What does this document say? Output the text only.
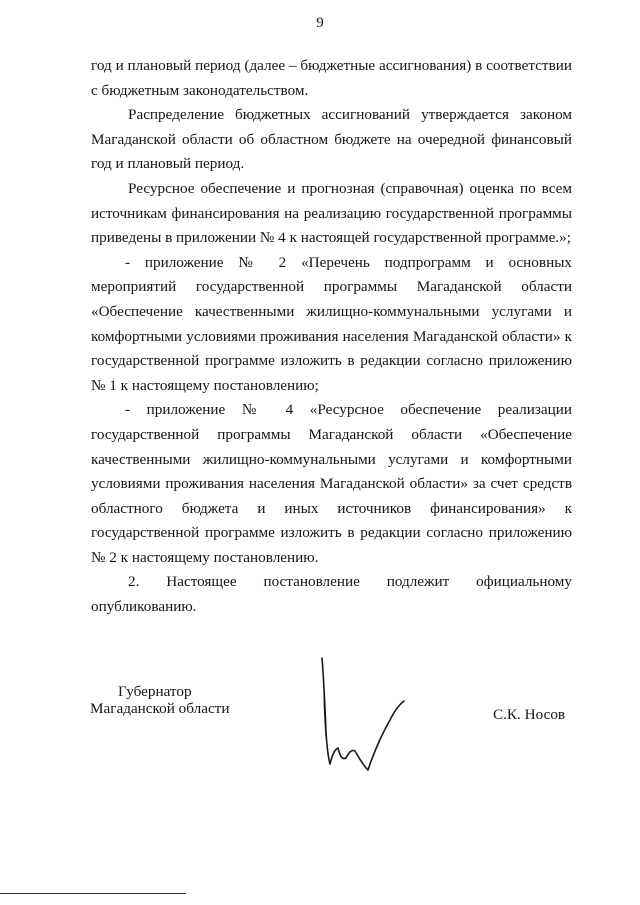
9

год и плановый период (далее – бюджетные ассигнования) в соответствии с бюджетным законодательством.

Распределение бюджетных ассигнований утверждается законом Магаданской области об областном бюджете на очередной финансовый год и плановый период.

Ресурсное обеспечение и прогнозная (справочная) оценка по всем источникам финансирования на реализацию государственной программы приведены в приложении № 4 к настоящей государственной программе.»;

- приложение № 2 «Перечень подпрограмм и основных мероприятий государственной программы Магаданской области «Обеспечение качественными жилищно-коммунальными услугами и комфортными условиями проживания населения Магаданской области» к государственной программе изложить в редакции согласно приложению № 1 к настоящему постановлению;

- приложение № 4 «Ресурсное обеспечение реализации государственной программы Магаданской области «Обеспечение качественными жилищно-коммунальными услугами и комфортными условиями проживания населения Магаданской области» за счет средств областного бюджета и иных источников финансирования» к государственной программе изложить в редакции согласно приложению № 2 к настоящему постановлению.

2. Настоящее постановление подлежит официальному опубликованию.

Губернатор
Магаданской области	С.К. Носов
